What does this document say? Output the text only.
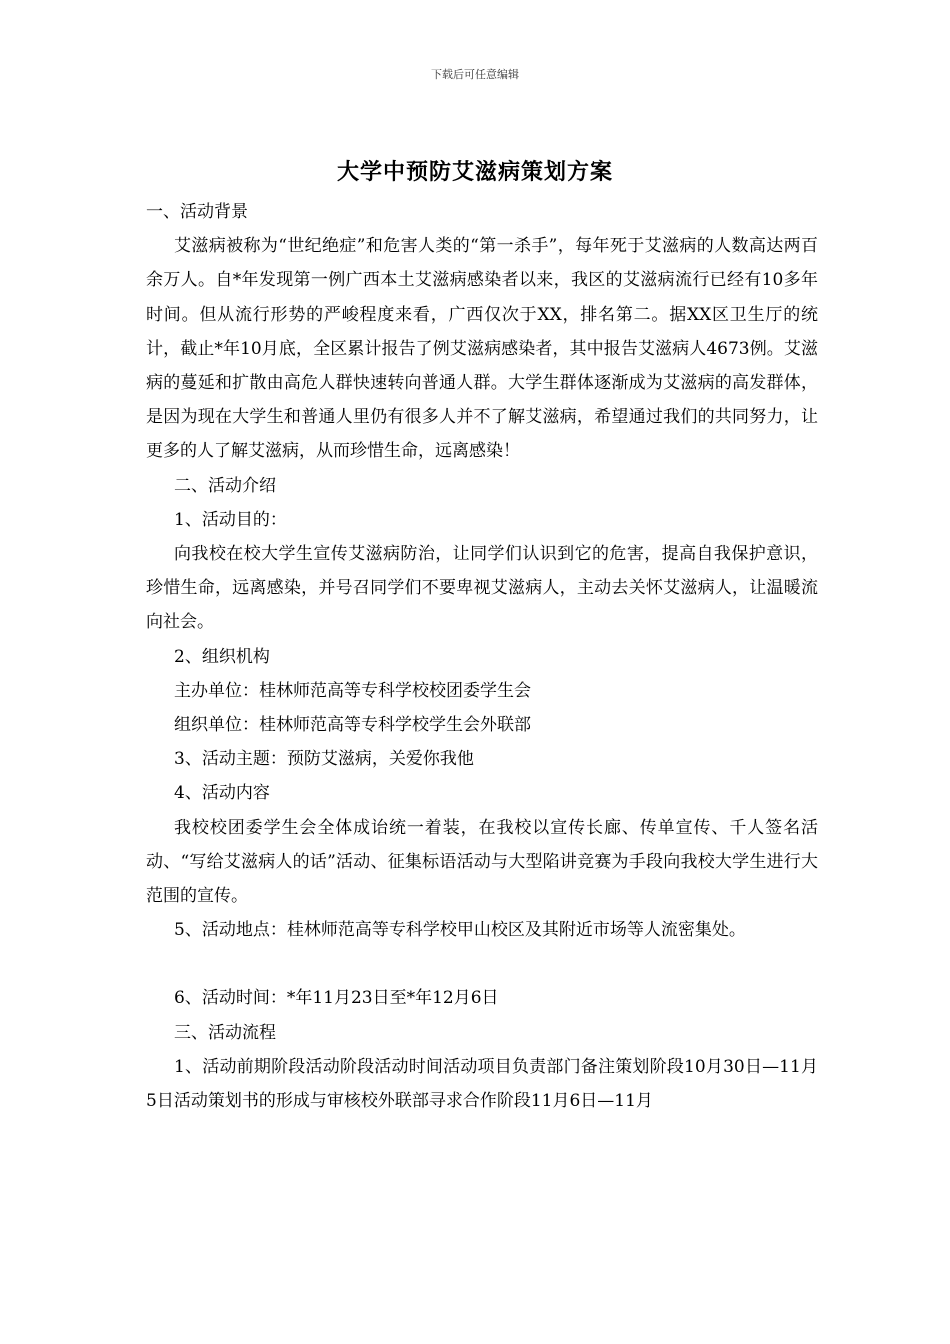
下载后可任意编辑
大学中预防艾滋病策划方案

一、活动背景

艾滋病被称为“世纪绝症”和危害人类的“第一杀手”，每年死于艾滋病的人数高达两百余万人。自*年发现第一例广西本土艾滋病感染者以来，我区的艾滋病流行已经有10多年时间。但从流行形势的严峻程度来看，广西仅次于XX，排名第二。据XX区卫生厅的统计，截止*年10月底，全区累计报告了例艾滋病感染者，其中报告艾滋病人4673例。艾滋病的蔓延和扩散由高危人群快速转向普通人群。大学生群体逐渐成为艾滋病的高发群体，是因为现在大学生和普通人里仍有很多人并不了解艾滋病，希望通过我们的共同努力，让更多的人了解艾滋病，从而珍惜生命，远离感染！

二、活动介绍

1、活动目的：

向我校在校大学生宣传艾滋病防治，让同学们认识到它的危害，提高自我保护意识，珍惜生命，远离感染，并号召同学们不要卑视艾滋病人，主动去关怀艾滋病人，让温暖流向社会。

2、组织机构

主办单位：桂林师范高等专科学校校团委学生会

组织单位：桂林师范高等专科学校学生会外联部

3、活动主题：预防艾滋病，关爱你我他

4、活动内容

我校校团委学生会全体成诒统一着装，在我校以宣传长廊、传单宣传、千人签名活动、“写给艾滋病人的话”活动、征集标语活动与大型陷讲竞赛为手段向我校大学生进行大范围的宣传。

5、活动地点：桂林师范高等专科学校甲山校区及其附近市场等人流密集处。

6、活动时间：*年11月23日至*年12月6日

三、活动流程

1、活动前期阶段活动阶段活动时间活动项目负责部门备注策划阶段10月30日—11月5日活动策划书的形成与审核校外联部寻求合作阶段11月6日—11月
